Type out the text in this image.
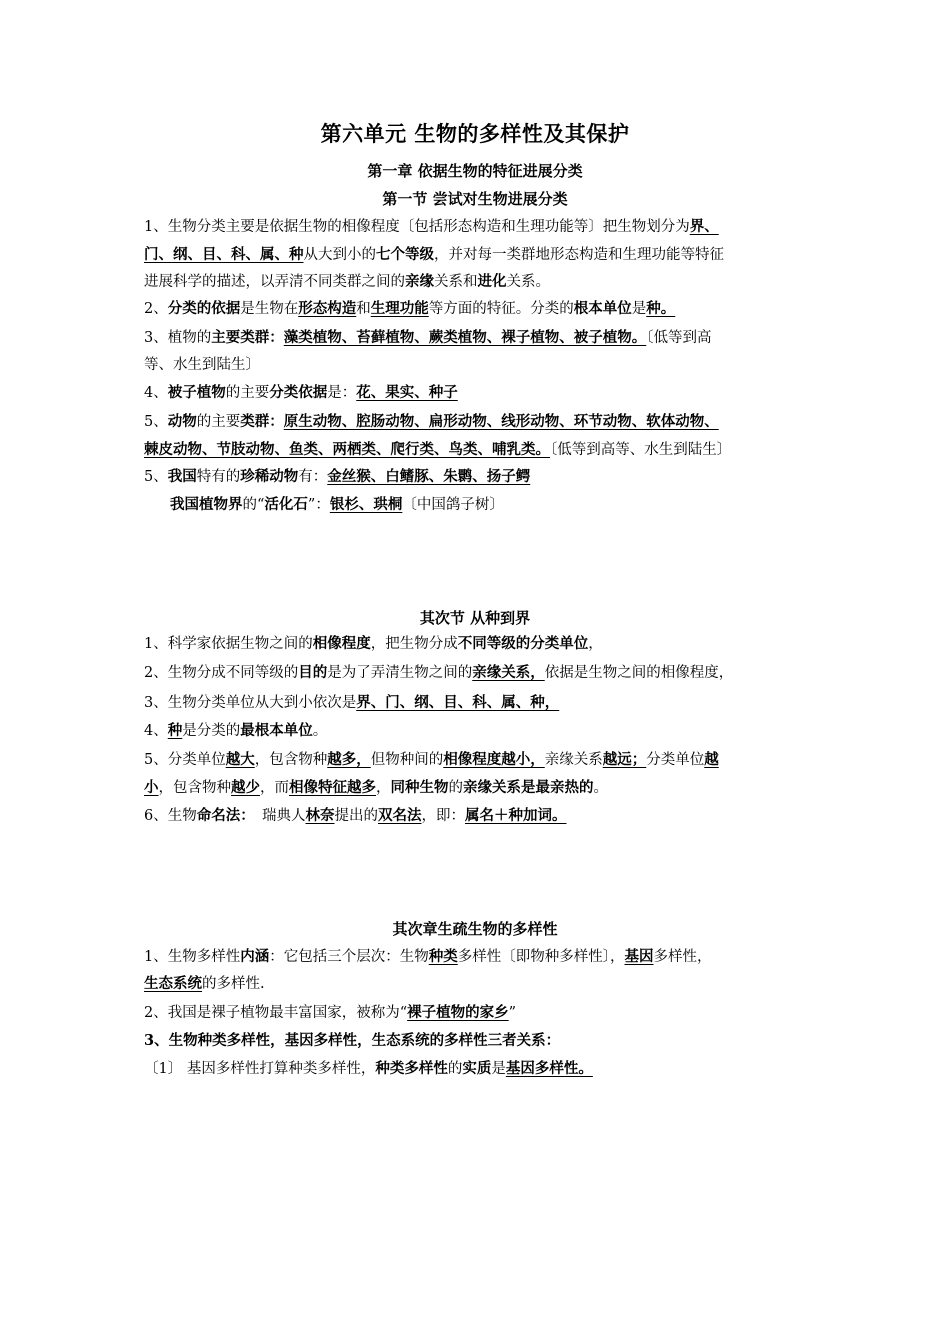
第六单元 生物的多样性及其保护
第一章 依据生物的特征进展分类
第一节 尝试对生物进展分类

1、生物分类主要是依据生物的相像程度〔包括形态构造和生理功能等〕把生物划分为界、

门、纲、目、科、属、种从大到小的七个等级，并对每一类群地形态构造和生理功能等特征

进展科学的描述，以弄清不同类群之间的亲缘关系和进化关系。

2、分类的依据是生物在形态构造和生理功能等方面的特征。分类的根本单位是种。

3、植物的主要类群：藻类植物、苔藓植物、蕨类植物、裸子植物、被子植物。〔低等到高

等、水生到陆生〕

4、被子植物的主要分类依据是：花、果实、种子

5、动物的主要类群：原生动物、腔肠动物、扁形动物、线形动物、环节动物、软体动物、

棘皮动物、节肢动物、鱼类、两栖类、爬行类、鸟类、哺乳类。〔低等到高等、水生到陆生〕

5、我国特有的珍稀动物有：金丝猴、白鳍豚、朱鹮、扬子鳄

我国植物界的“活化石”：银杉、珙桐〔中国鸽子树〕

其次节 从种到界

1、科学家依据生物之间的相像程度，把生物分成不同等级的分类单位，

2、生物分成不同等级的目的是为了弄清生物之间的亲缘关系，依据是生物之间的相像程度，

3、生物分类单位从大到小依次是界、门、纲、目、科、属、种，

4、种是分类的最根本单位。

5、分类单位越大，包含物种越多，但物种间的相像程度越小，亲缘关系越远；分类单位越

小，包含物种越少，而相像特征越多，同种生物的亲缘关系是最亲热的。

6、生物命名法：　瑞典人林奈提出的双名法，即：属名＋种加词。

其次章生疏生物的多样性

1、生物多样性内涵：它包括三个层次：生物种类多样性〔即物种多样性〕，基因多样性，

生态系统的多样性.

2、我国是裸子植物最丰富国家，被称为“裸子植物的家乡”

3、生物种类多样性，基因多样性，生态系统的多样性三者关系：

〔1〕 基因多样性打算种类多样性，种类多样性的实质是基因多样性。
